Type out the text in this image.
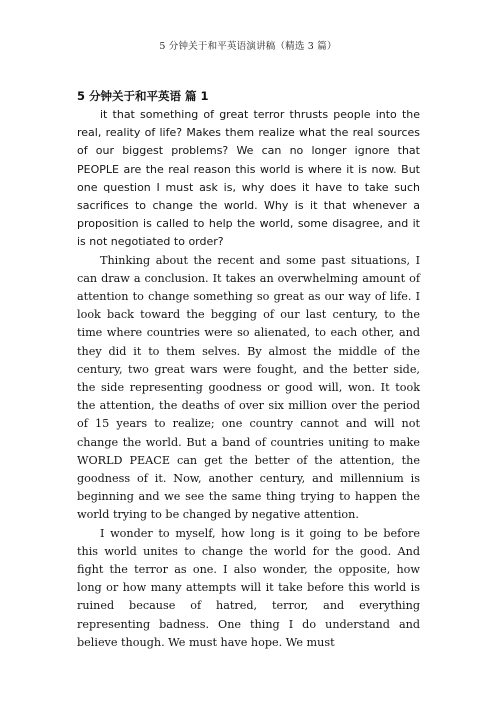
5 分钟关于和平英语演讲稿（精选 3 篇）
5 分钟关于和平英语 篇 1

it that something of great terror thrusts people into the real, reality of life? Makes them realize what the real sources of our biggest problems? We can no longer ignore that PEOPLE are the real reason this world is where it is now. But one question I must ask is, why does it have to take such sacrifices to change the world. Why is it that whenever a proposition is called to help the world, some disagree, and it is not negotiated to order?

Thinking about the recent and some past situations, I can draw a conclusion. It takes an overwhelming amount of attention to change something so great as our way of life. I look back toward the begging of our last century, to the time where countries were so alienated, to each other, and they did it to them selves. By almost the middle of the century, two great wars were fought, and the better side, the side representing goodness or good will, won. It took the attention, the deaths of over six million over the period of 15 years to realize; one country cannot and will not change the world. But a band of countries uniting to make WORLD PEACE can get the better of the attention, the goodness of it. Now, another century, and millennium is beginning and we see the same thing trying to happen the world trying to be changed by negative attention.

I wonder to myself, how long is it going to be before this world unites to change the world for the good. And fight the terror as one. I also wonder, the opposite, how long or how many attempts will it take before this world is ruined because of hatred, terror, and everything representing badness. One thing I do understand and believe though. We must have hope. We must
